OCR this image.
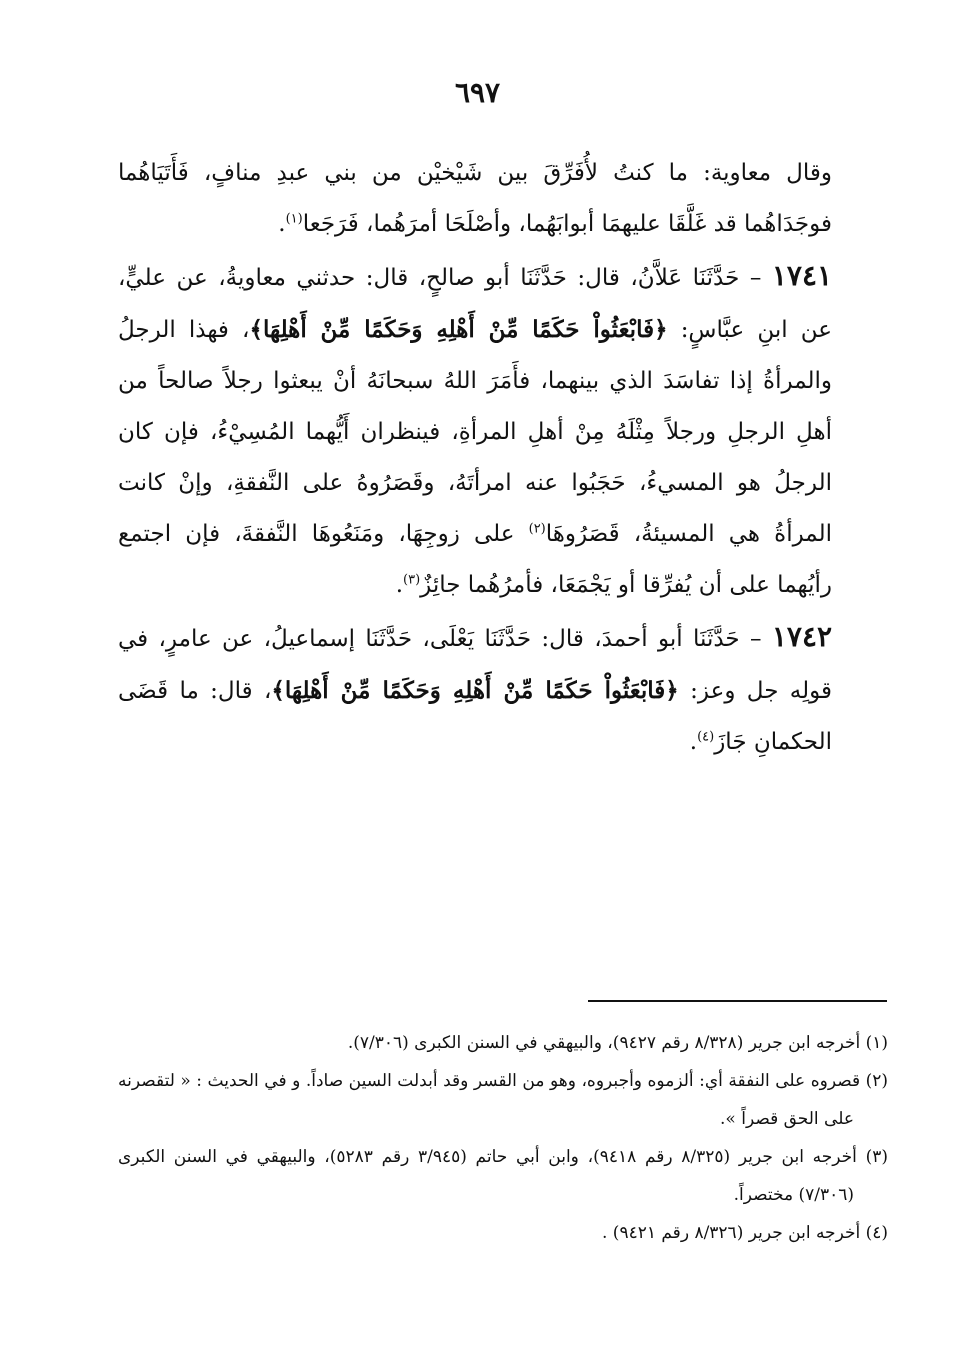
٦٩٧

وقال معاوية: ما كنتُ لأُفَرِّقَ بين شَيْخيْن من بني عبدِ منافٍ، فَأَتَيَاهُما فوجَدَاهُما قد غَلَّقَا عليهمَا أبوابَهُما، وأصْلَحَا أمرَهُما، فَرَجَعا$^{(١)}$.

١٧٤١ – حَدَّثَنَا عَلاَّنُ، قال: حَدَّثَنَا أبو صالحٍ، قال: حدثني معاويةُ، عن عليٍّ، عن ابنِ عبَّاسٍ: ﴿فَابْعَثُواْ حَكَمًا مِّنْ أَهْلِهِ وَحَكَمًا مِّنْ أَهْلِهَا﴾، فهذا الرجلُ والمرأةُ إذا تفاسَدَ الذي بينهما، فأَمَرَ اللهُ سبحانَهُ أنْ يبعثوا رجلاً صالحاً من أهلِ الرجلِ ورجلاً مِثْلَهُ مِنْ أهلِ المرأةِ، فينظران أَيُّهما المُسِيْءُ، فإن كان الرجلُ هو المسيءُ، حَجَبُوا عنه امرأتَهُ، وقَصَرُوهُ على النَّفقةِ، وإنْ كانت المرأةُ هي المسيئةُ، قَصَرُوهَا$^{(٢)}$ على زوجِهَا، ومَنَعُوهَا النَّفقةَ، فإن اجتمع رأيُهما على أن يُفرِّقا أو يَجْمَعَا، فأمرُهُما جائِزٌ$^{(٣)}$.

١٧٤٢ – حَدَّثَنَا أبو أحمدَ، قال: حَدَّثَنَا يَعْلَى، حَدَّثَنَا إسماعيلُ، عن عامرٍ، في قولِه جل وعز: ﴿فَابْعَثُواْ حَكَمًا مِّنْ أَهْلِهِ وَحَكَمًا مِّنْ أَهْلِهَا﴾، قال: ما قَضَى الحكمانِ جَازَ$^{(٤)}$.

(١) أخرجه ابن جرير (٨/٣٢٨ رقم ٩٤٢٧)، والبيهقي في السنن الكبرى (٧/٣٠٦).

(٢) قصروه على النفقة أي: ألزموه وأجبروه، وهو من القسر وقد أبدلت السين صاداً. و في الحديث : « لتقصرنه على الحق قصراً ».

(٣) أخرجه ابن جرير (٨/٣٢٥ رقم ٩٤١٨)، وابن أبي حاتم (٣/٩٤٥ رقم ٥٢٨٣)، والبيهقي في السنن الكبرى (٧/٣٠٦) مختصراً.

(٤) أخرجه ابن جرير (٨/٣٢٦ رقم ٩٤٢١) .
